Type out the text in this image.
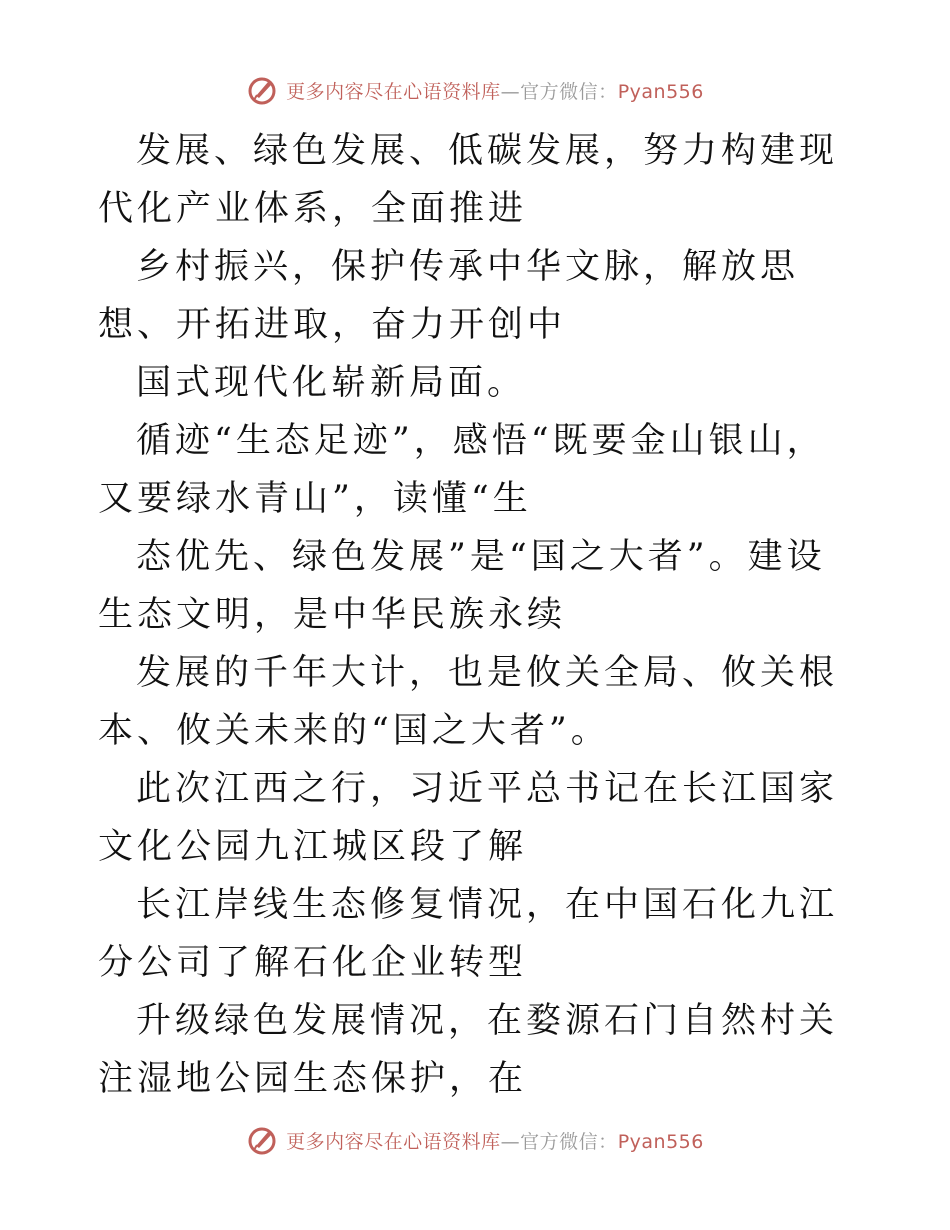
更多内容尽在心语资料库—官方微信：Pyan556

发展、绿色发展、低碳发展，努力构建现代化产业体系，全面推进

乡村振兴，保护传承中华文脉，解放思想、开拓进取，奋力开创中

国式现代化崭新局面。

循迹“生态足迹”，感悟“既要金山银山，又要绿水青山”，读懂“生

态优先、绿色发展”是“国之大者”。建设生态文明，是中华民族永续

发展的千年大计，也是攸关全局、攸关根本、攸关未来的“国之大者”。

此次江西之行，习近平总书记在长江国家文化公园九江城区段了解

长江岸线生态修复情况，在中国石化九江分公司了解石化企业转型

升级绿色发展情况，在婺源石门自然村关注湿地公园生态保护，在

更多内容尽在心语资料库—官方微信：Pyan556
